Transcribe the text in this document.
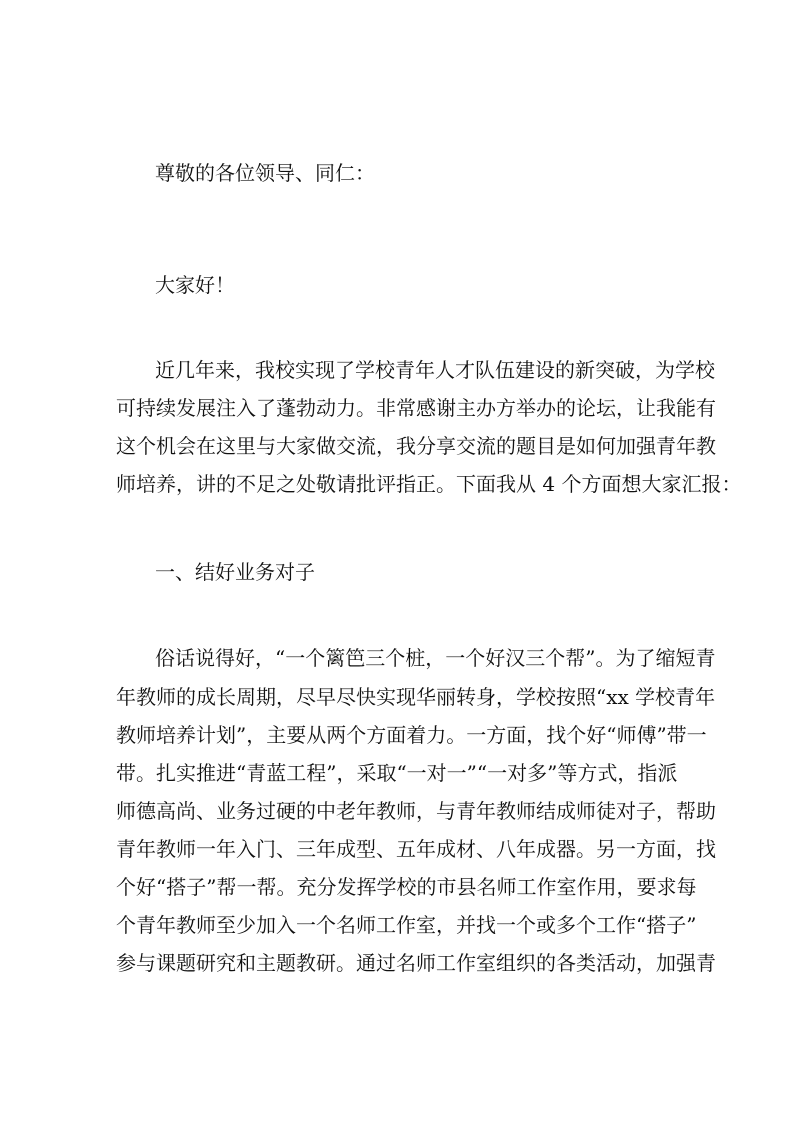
尊敬的各位领导、同仁：
大家好！
近几年来，我校实现了学校青年人才队伍建设的新突破，为学校
可持续发展注入了蓬勃动力。非常感谢主办方举办的论坛，让我能有
这个机会在这里与大家做交流，我分享交流的题目是如何加强青年教
师培养，讲的不足之处敬请批评指正。下面我从 4 个方面想大家汇报：
一、结好业务对子
俗话说得好，“一个篱笆三个桩，一个好汉三个帮”。为了缩短青
年教师的成长周期，尽早尽快实现华丽转身，学校按照“xx 学校青年
教师培养计划”，主要从两个方面着力。一方面，找个好“师傅”带一
带。扎实推进“青蓝工程”，采取“一对一”“一对多”等方式，指派
师德高尚、业务过硬的中老年教师，与青年教师结成师徒对子，帮助
青年教师一年入门、三年成型、五年成材、八年成器。另一方面，找
个好“搭子”帮一帮。充分发挥学校的市县名师工作室作用，要求每
个青年教师至少加入一个名师工作室，并找一个或多个工作“搭子”
参与课题研究和主题教研。通过名师工作室组织的各类活动，加强青
